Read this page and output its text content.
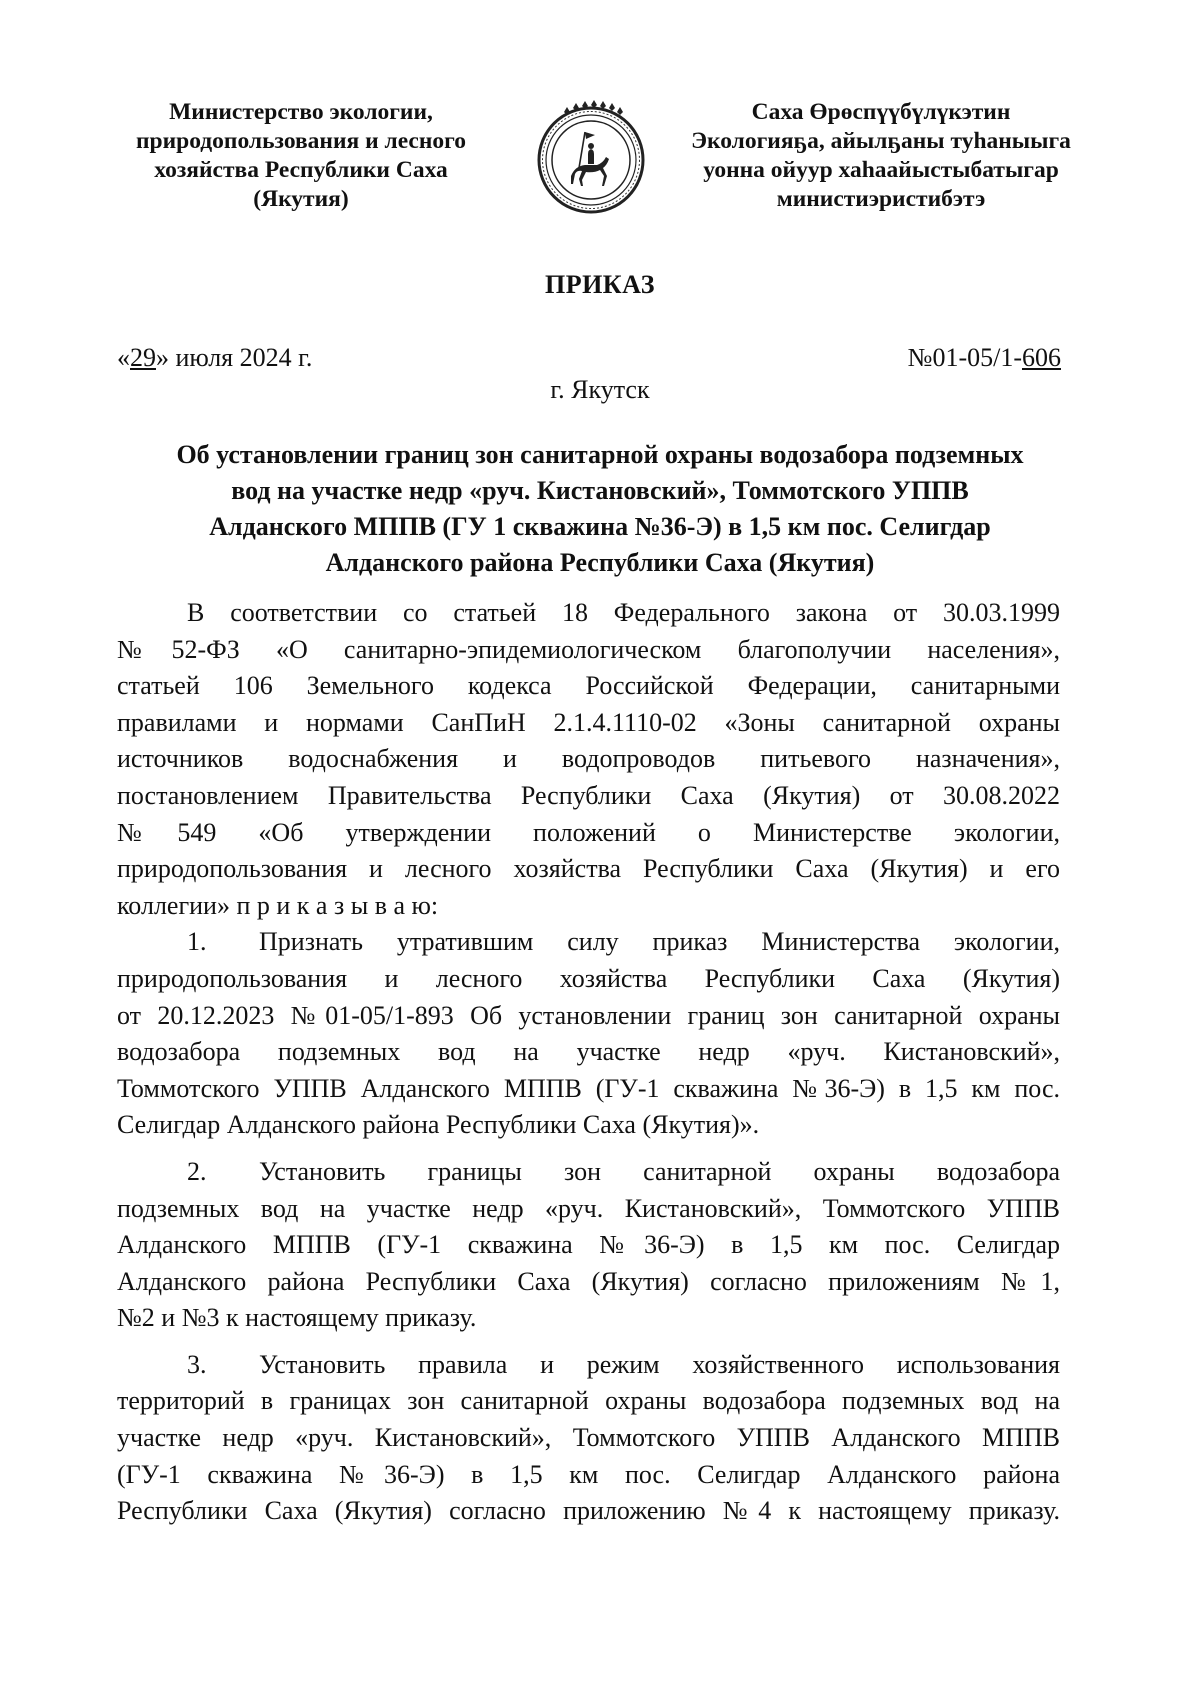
Министерство экологии,
природопользования и лесного
хозяйства Республики Саха
(Якутия)
Саха Өрөспүүбүлүкэтин
Экологияҕа, айылҕаны туһаныыга
уонна ойуур хаһаайыстыбатыгар
министиэристибэтэ
ПРИКАЗ
«29» июля 2024 г.	№01-05/1-606
г. Якутск
Об установлении границ зон санитарной охраны водозабора подземных
вод на участке недр «руч. Кистановский», Томмотского УППВ
Алданского МППВ (ГУ 1 скважина №36-Э) в 1,5 км пос. Селигдар
Алданского района Республики Саха (Якутия)
В соответствии со статьей 18 Федерального закона от 30.03.1999
№52-ФЗ «О санитарно-эпидемиологическом благополучии населения»,
статьей 106 Земельного кодекса Российской Федерации, санитарными
правилами и нормами СанПиН 2.1.4.1110-02 «Зоны санитарной охраны
источников водоснабжения и водопроводов питьевого назначения»,
постановлением Правительства Республики Саха (Якутия) от 30.08.2022
№549 «Об утверждении положений о Министерстве экологии,
природопользования и лесного хозяйства Республики Саха (Якутия) и его
коллегии» п р и к а з ы в а ю:
1. Признать утратившим силу приказ Министерства экологии,
природопользования и лесного хозяйства Республики Саха (Якутия)
от 20.12.2023 №01-05/1-893 Об установлении границ зон санитарной охраны
водозабора подземных вод на участке недр «руч. Кистановский»,
Томмотского УППВ Алданского МППВ (ГУ-1 скважина №36-Э) в 1,5 км пос.
Селигдар Алданского района Республики Саха (Якутия)».
2. Установить границы зон санитарной охраны водозабора
подземных вод на участке недр «руч. Кистановский», Томмотского УППВ
Алданского МППВ (ГУ-1 скважина №36-Э) в 1,5 км пос. Селигдар
Алданского района Республики Саха (Якутия) согласно приложениям №1,
№2 и №3 к настоящему приказу.
3. Установить правила и режим хозяйственного использования
территорий в границах зон санитарной охраны водозабора подземных вод на
участке недр «руч. Кистановский», Томмотского УППВ Алданского МППВ
(ГУ-1 скважина №36-Э) в 1,5 км пос. Селигдар Алданского района
Республики Саха (Якутия) согласно приложению №4 к настоящему приказу.
